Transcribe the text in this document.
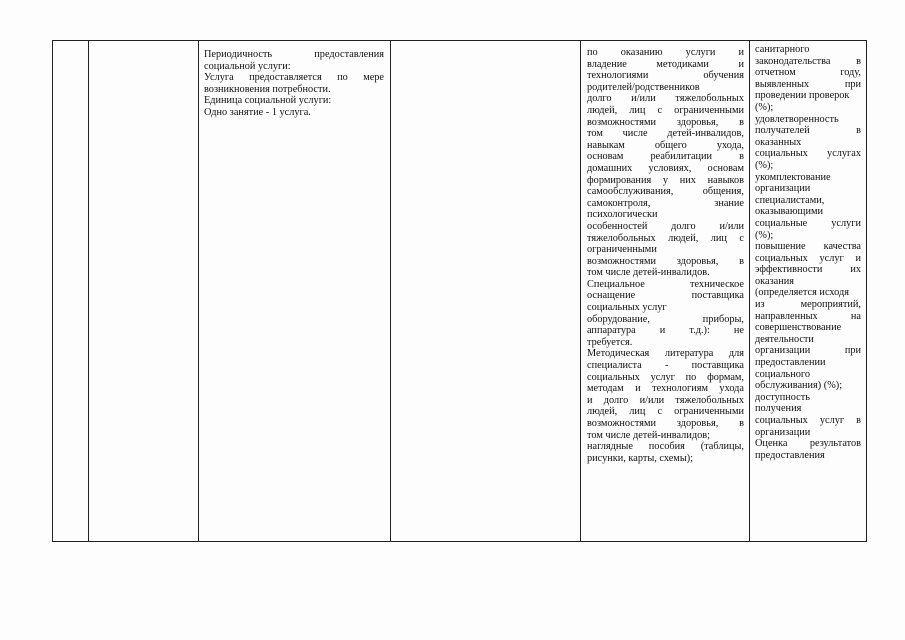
Периодичность предоставления

социальной услуги:

Услуга предоставляется по мере

возникновения потребности.

Единица социальной услуги:

Одно занятие - 1 услуга.

по оказанию услуги и

владение методиками и

технологиями обучения

родителей/родственников

долго и/или тяжелобольных

людей, лиц с ограниченными

возможностями здоровья, в

том числе детей-инвалидов,

навыкам общего ухода,

основам реабилитации в

домашних условиях, основам

формирования у них навыков

самообслуживания, общения,

самоконтроля, знание

психологически

особенностей долго и/или

тяжелобольных людей, лиц с

ограниченными

возможностями здоровья, в

том числе детей-инвалидов.

Специальное техническое

оснащение поставщика

социальных услуг

оборудование, приборы,

аппаратура и т.д.): не

требуется.

Методическая литература для

специалиста - поставщика

социальных услуг по формам,

методам и технологиям ухода

и долго и/или тяжелобольных

людей, лиц с ограниченными

возможностями здоровья, в

том числе детей-инвалидов;

наглядные пособия (таблицы,

рисунки, карты, схемы);

санитарного

законодательства в

отчетном году,

выявленных при

проведении проверок

(%);

удовлетворенность

получателей в

оказанных

социальных услугах

(%);

укомплектование

организации

специалистами,

оказывающими

социальные услуги

(%);

повышение качества

социальных услуг и

эффективности их

оказания

(определяется исходя

из мероприятий,

направленных на

совершенствование

деятельности

организации при

предоставлении

социального

обслуживания) (%);

доступность

получения

социальных услуг в

организации

Оценка результатов

предоставления
